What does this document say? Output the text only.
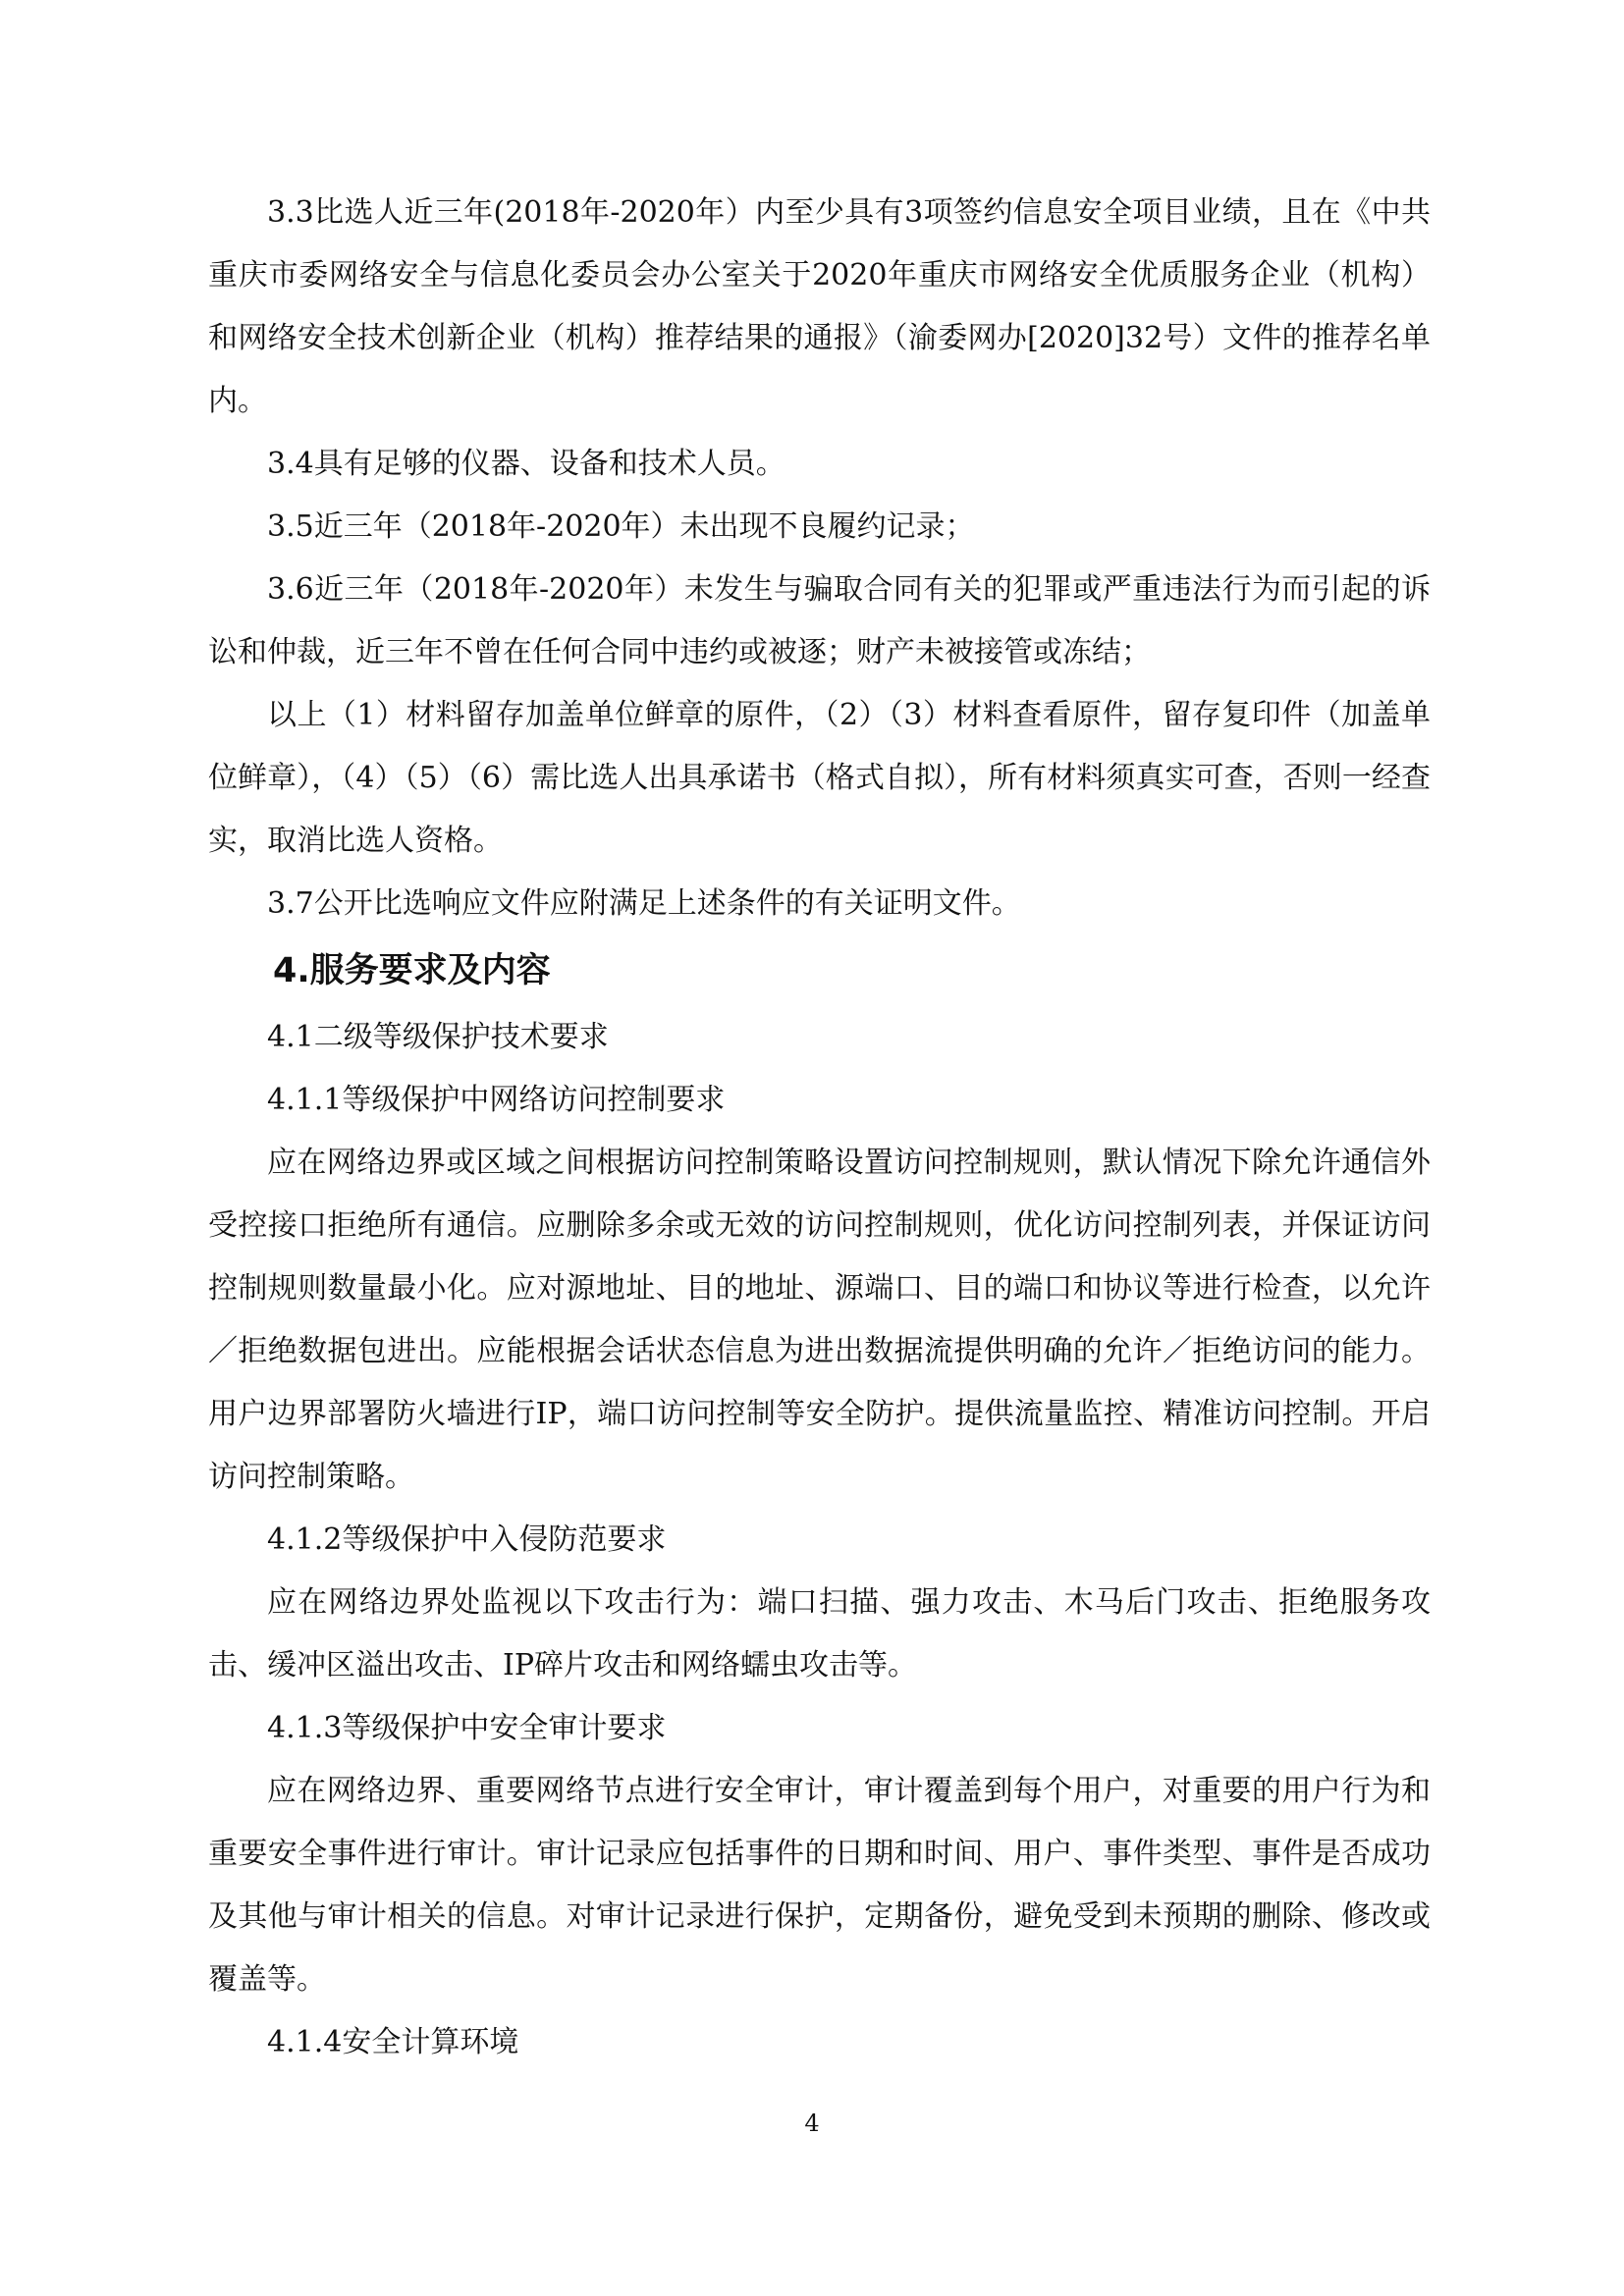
3.3比选人近三年(2018年-2020年）内至少具有3项签约信息安全项目业绩，且在《中共重庆市委网络安全与信息化委员会办公室关于2020年重庆市网络安全优质服务企业（机构）和网络安全技术创新企业（机构）推荐结果的通报》（渝委网办[2020]32号）文件的推荐名单内。

3.4具有足够的仪器、设备和技术人员。

3.5近三年（2018年-2020年）未出现不良履约记录；

3.6近三年（2018年-2020年）未发生与骗取合同有关的犯罪或严重违法行为而引起的诉讼和仲裁，近三年不曾在任何合同中违约或被逐；财产未被接管或冻结；

以上（1）材料留存加盖单位鲜章的原件，（2）（3）材料查看原件，留存复印件（加盖单位鲜章），（4）（5）（6）需比选人出具承诺书（格式自拟），所有材料须真实可查，否则一经查实，取消比选人资格。

3.7公开比选响应文件应附满足上述条件的有关证明文件。

4.服务要求及内容

4.1二级等级保护技术要求

4.1.1等级保护中网络访问控制要求

应在网络边界或区域之间根据访问控制策略设置访问控制规则，默认情况下除允许通信外受控接口拒绝所有通信。应删除多余或无效的访问控制规则，优化访问控制列表，并保证访问控制规则数量最小化。应对源地址、目的地址、源端口、目的端口和协议等进行检查，以允许／拒绝数据包进出。应能根据会话状态信息为进出数据流提供明确的允许／拒绝访问的能力。用户边界部署防火墙进行IP，端口访问控制等安全防护。提供流量监控、精准访问控制。开启访问控制策略。

4.1.2等级保护中入侵防范要求

应在网络边界处监视以下攻击行为：端口扫描、强力攻击、木马后门攻击、拒绝服务攻击、缓冲区溢出攻击、IP碎片攻击和网络蠕虫攻击等。

4.1.3等级保护中安全审计要求

应在网络边界、重要网络节点进行安全审计，审计覆盖到每个用户，对重要的用户行为和重要安全事件进行审计。审计记录应包括事件的日期和时间、用户、事件类型、事件是否成功及其他与审计相关的信息。对审计记录进行保护，定期备份，避免受到未预期的删除、修改或覆盖等。

4.1.4安全计算环境

4
